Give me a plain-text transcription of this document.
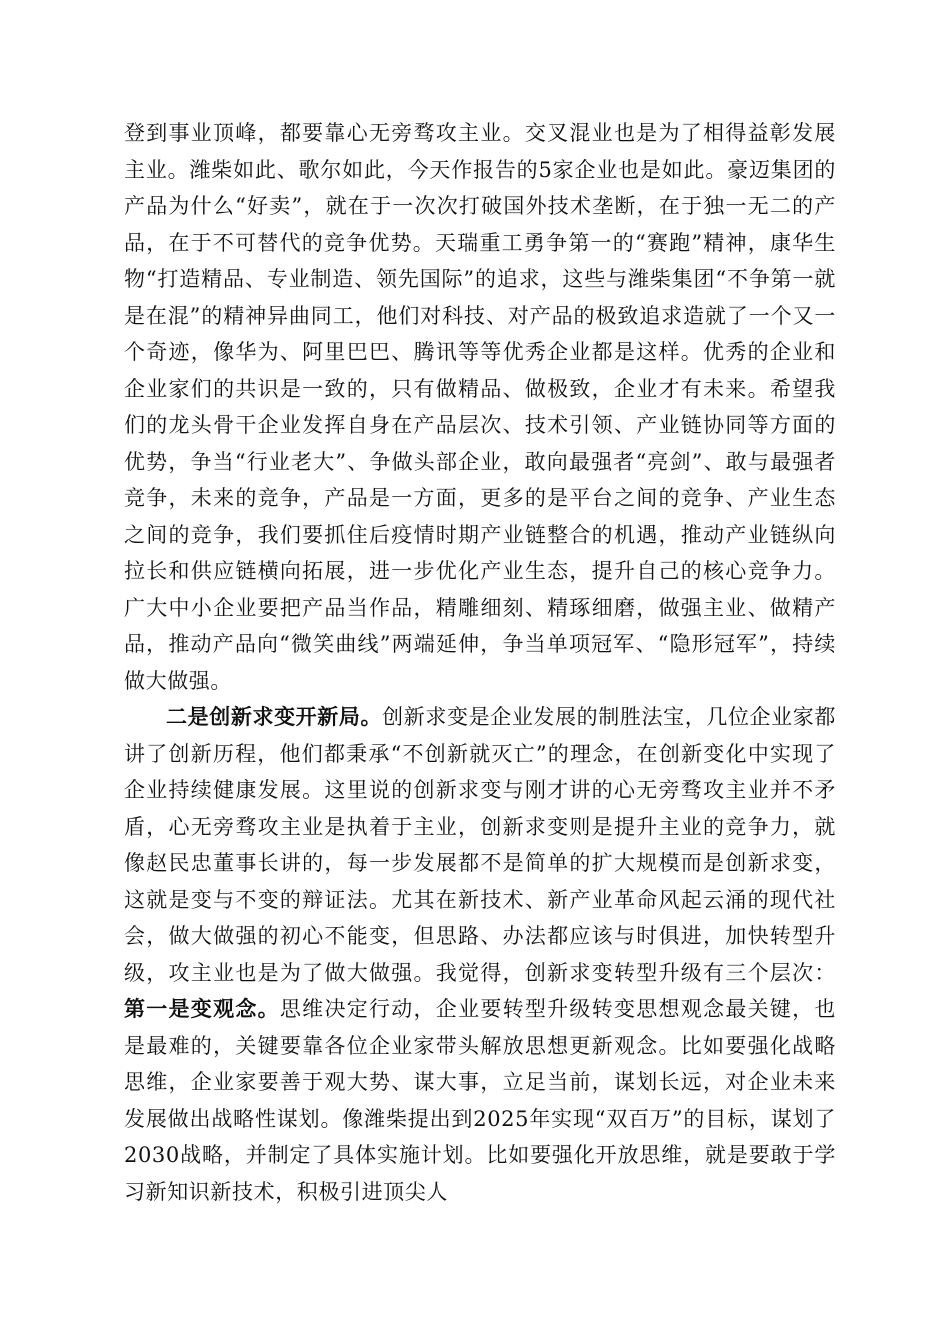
登到事业顶峰，都要靠心无旁骛攻主业。交叉混业也是为了相得益彰发展主业。潍柴如此、歌尔如此，今天作报告的5家企业也是如此。豪迈集团的产品为什么“好卖”，就在于一次次打破国外技术垄断，在于独一无二的产品，在于不可替代的竞争优势。天瑞重工勇争第一的“赛跑”精神，康华生物“打造精品、专业制造、领先国际”的追求，这些与潍柴集团“不争第一就是在混”的精神异曲同工，他们对科技、对产品的极致追求造就了一个又一个奇迹，像华为、阿里巴巴、腾讯等等优秀企业都是这样。优秀的企业和企业家们的共识是一致的，只有做精品、做极致，企业才有未来。希望我们的龙头骨干企业发挥自身在产品层次、技术引领、产业链协同等方面的优势，争当“行业老大”、争做头部企业，敢向最强者“亮剑”、敢与最强者竞争，未来的竞争，产品是一方面，更多的是平台之间的竞争、产业生态之间的竞争，我们要抓住后疫情时期产业链整合的机遇，推动产业链纵向拉长和供应链横向拓展，进一步优化产业生态，提升自己的核心竞争力。广大中小企业要把产品当作品，精雕细刻、精琢细磨，做强主业、做精产品，推动产品向“微笑曲线”两端延伸，争当单项冠军、“隐形冠军”，持续做大做强。

二是创新求变开新局。创新求变是企业发展的制胜法宝，几位企业家都讲了创新历程，他们都秉承“不创新就灭亡”的理念，在创新变化中实现了企业持续健康发展。这里说的创新求变与刚才讲的心无旁骛攻主业并不矛盾，心无旁骛攻主业是执着于主业，创新求变则是提升主业的竞争力，就像赵民忠董事长讲的，每一步发展都不是简单的扩大规模而是创新求变，这就是变与不变的辩证法。尤其在新技术、新产业革命风起云涌的现代社会，做大做强的初心不能变，但思路、办法都应该与时俱进，加快转型升级，攻主业也是为了做大做强。我觉得，创新求变转型升级有三个层次：第一是变观念。思维决定行动，企业要转型升级转变思想观念最关键，也是最难的，关键要靠各位企业家带头解放思想更新观念。比如要强化战略思维，企业家要善于观大势、谋大事，立足当前，谋划长远，对企业未来发展做出战略性谋划。像潍柴提出到2025年实现“双百万”的目标，谋划了2030战略，并制定了具体实施计划。比如要强化开放思维，就是要敢于学习新知识新技术，积极引进顶尖人
